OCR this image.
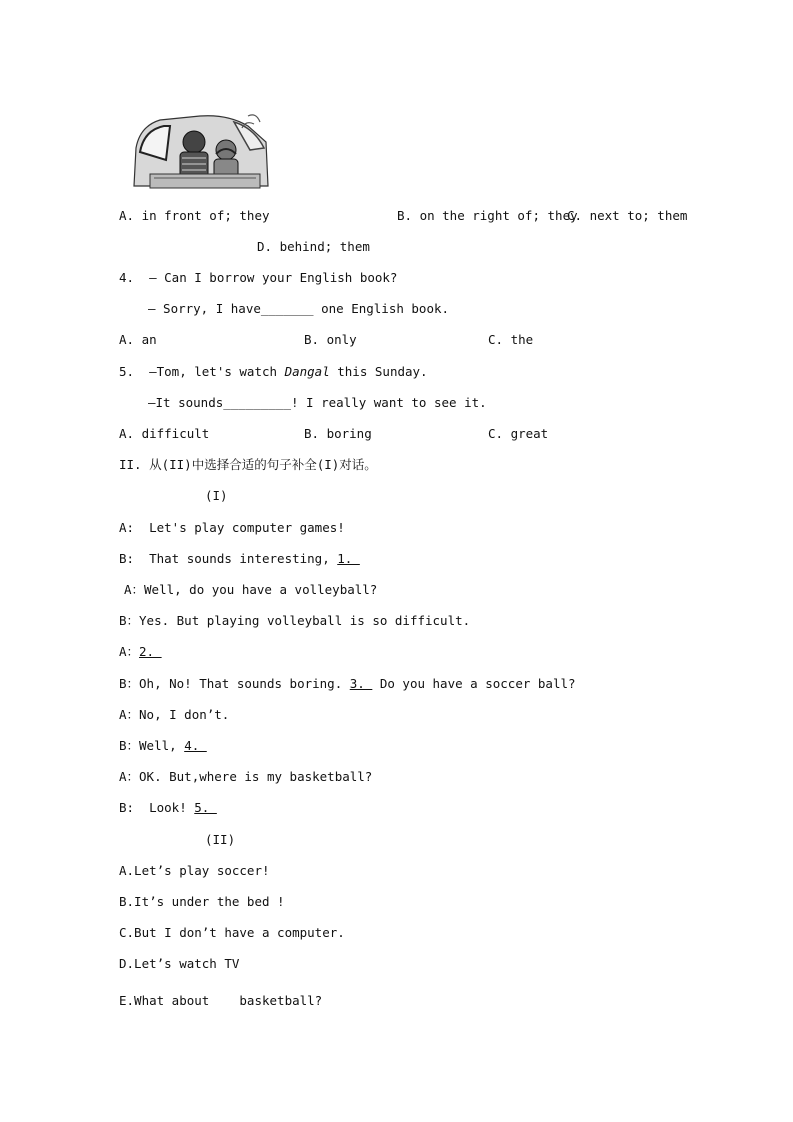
A. in front of; they	B. on the right of; they
C. next to; them
D. behind; them
4.  — Can I borrow your English book?
— Sorry, I have_______ one English book.
A. an	B. only	C. the
5.  —Tom, let's watch Dangal this Sunday.
—It sounds_________! I really want to see it.
A. difficult	B. boring	C. great
II. 从(II)中选择合适的句子补全(I)对话。
(I)
A:  Let's play computer games!
B:  That sounds interesting, 1.
A：Well, do you have a volleyball?
B：Yes. But playing volleyball is so difficult.
A：2.
B：Oh, No! That sounds boring. 3.  Do you have a soccer ball?
A：No, I don’t.
B：Well, 4.
A：OK. But,where is my basketball?
B:  Look! 5.
(II)
A.Let’s play soccer!
B.It’s under the bed !
C.But I don’t have a computer.
D.Let’s watch TV
E.What about    basketball?
